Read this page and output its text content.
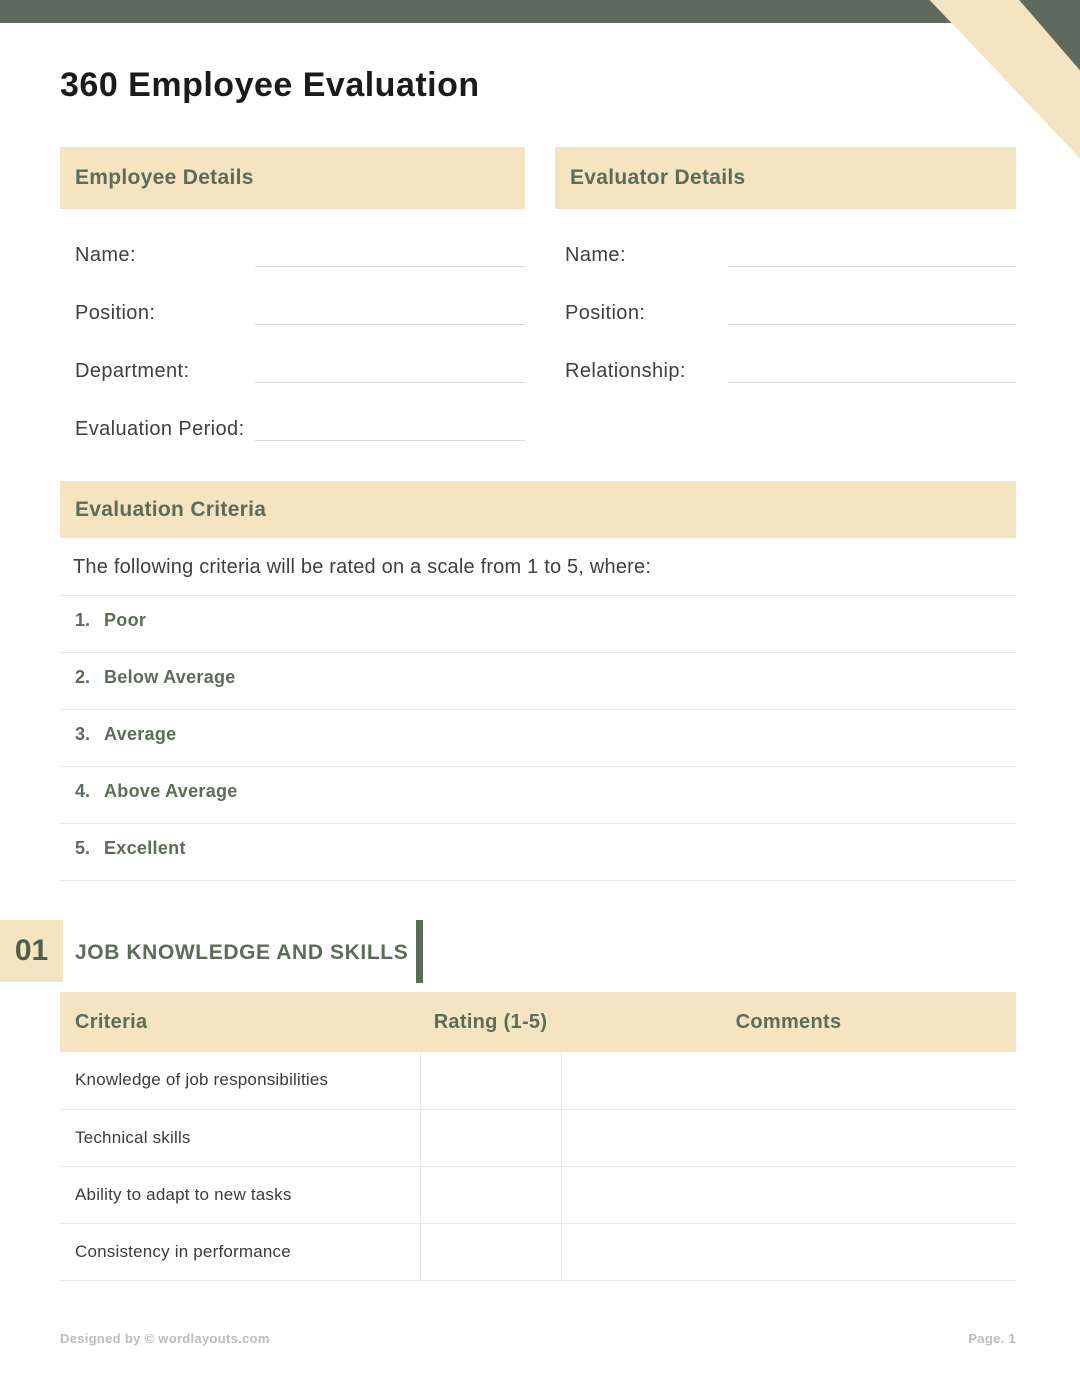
360 Employee Evaluation
Employee Details
Name:
Position:
Department:
Evaluation Period:
Evaluator Details
Name:
Position:
Relationship:
Evaluation Criteria

The following criteria will be rated on a scale from 1 to 5, where:

1. Poor
2. Below Average
3. Average
4. Above Average
5. Excellent
01 JOB KNOWLEDGE AND SKILLS
Criteria	Rating (1-5)	Comments
Knowledge of job responsibilities		
Technical skills		
Ability to adapt to new tasks		
Consistency in performance		
Designed by © wordlayouts.com	Page. 1
